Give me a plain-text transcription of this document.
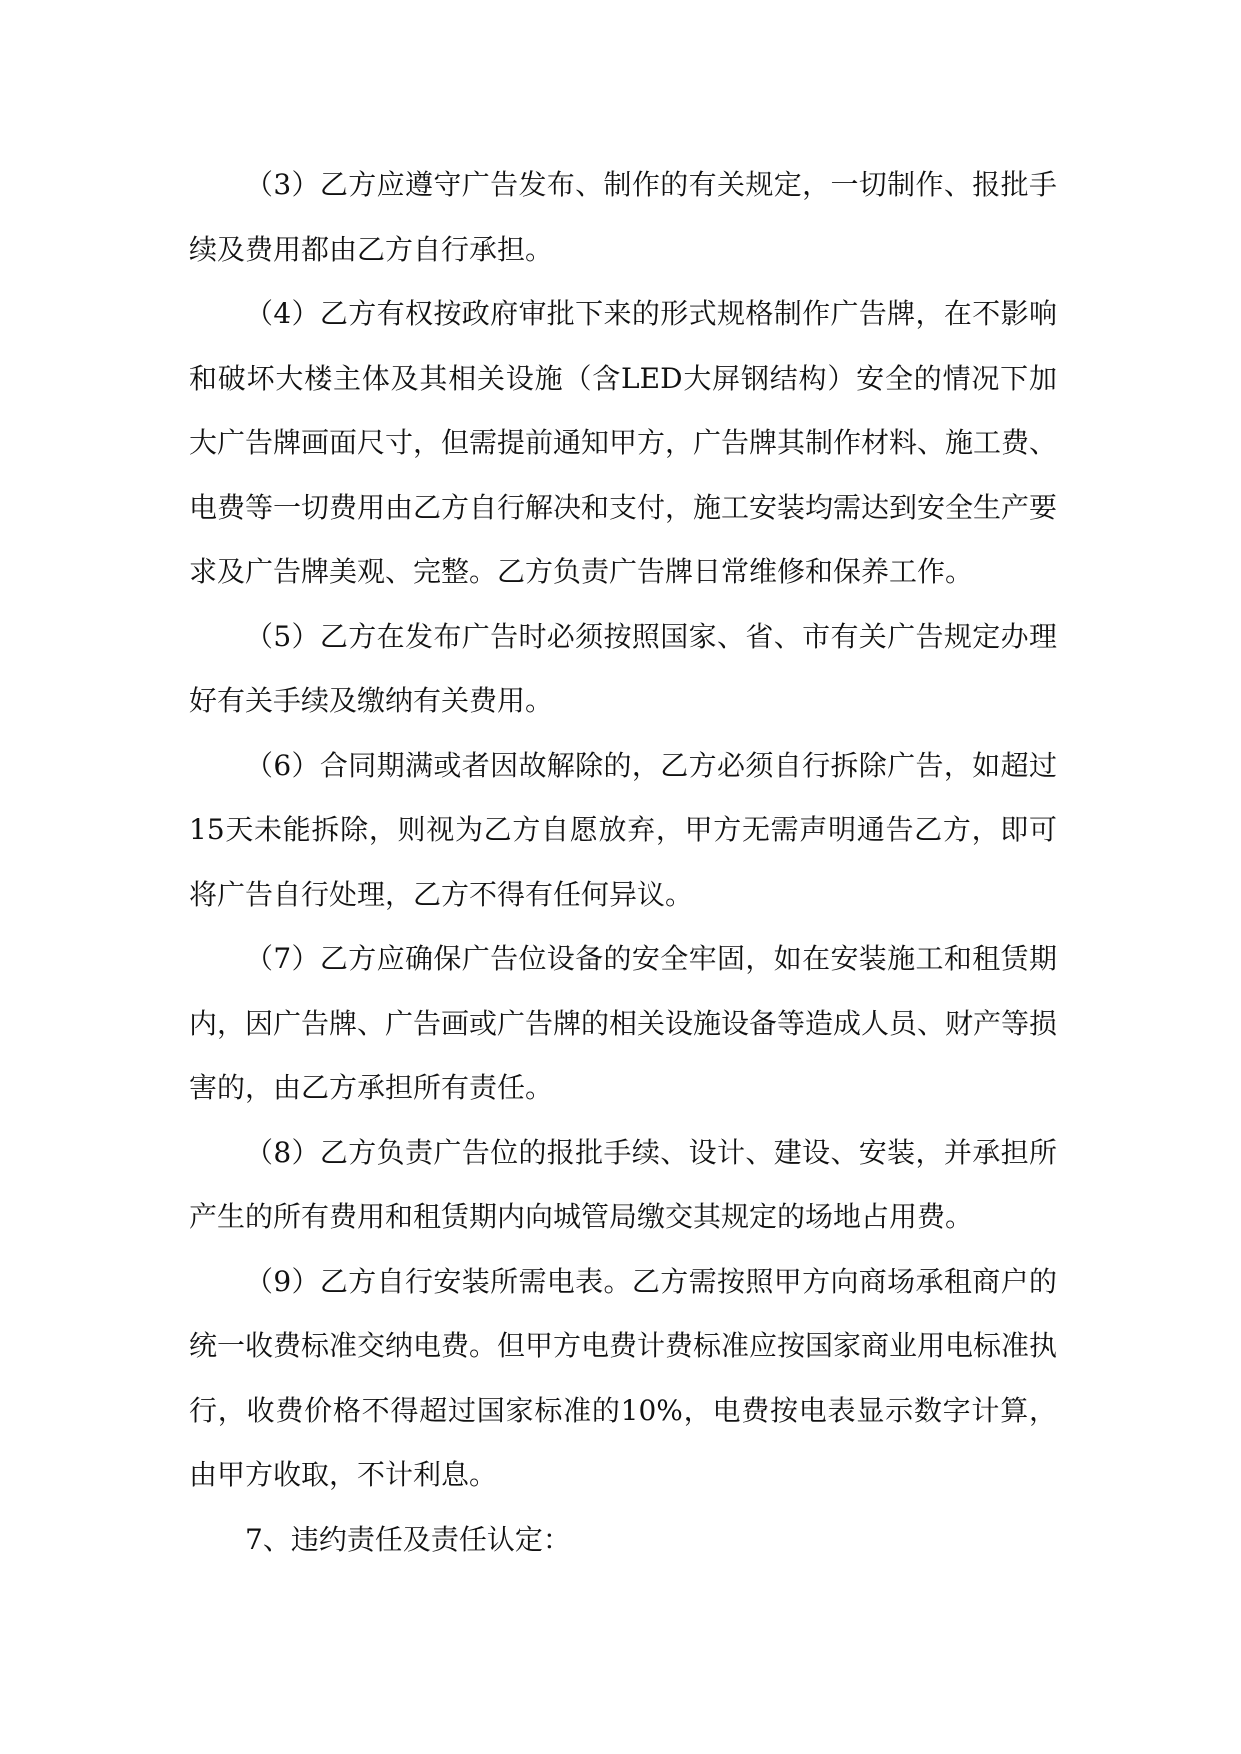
（3）乙方应遵守广告发布、制作的有关规定，一切制作、报批手续及费用都由乙方自行承担。

（4）乙方有权按政府审批下来的形式规格制作广告牌，在不影响和破坏大楼主体及其相关设施（含LED大屏钢结构）安全的情况下加大广告牌画面尺寸，但需提前通知甲方，广告牌其制作材料、施工费、电费等一切费用由乙方自行解决和支付，施工安装均需达到安全生产要求及广告牌美观、完整。乙方负责广告牌日常维修和保养工作。

（5）乙方在发布广告时必须按照国家、省、市有关广告规定办理好有关手续及缴纳有关费用。

（6）合同期满或者因故解除的，乙方必须自行拆除广告，如超过15天未能拆除，则视为乙方自愿放弃，甲方无需声明通告乙方，即可将广告自行处理，乙方不得有任何异议。

（7）乙方应确保广告位设备的安全牢固，如在安装施工和租赁期内，因广告牌、广告画或广告牌的相关设施设备等造成人员、财产等损害的，由乙方承担所有责任。

（8）乙方负责广告位的报批手续、设计、建设、安装，并承担所产生的所有费用和租赁期内向城管局缴交其规定的场地占用费。

（9）乙方自行安装所需电表。乙方需按照甲方向商场承租商户的统一收费标准交纳电费。但甲方电费计费标准应按国家商业用电标准执行，收费价格不得超过国家标准的10%，电费按电表显示数字计算，由甲方收取，不计利息。

7、违约责任及责任认定：
